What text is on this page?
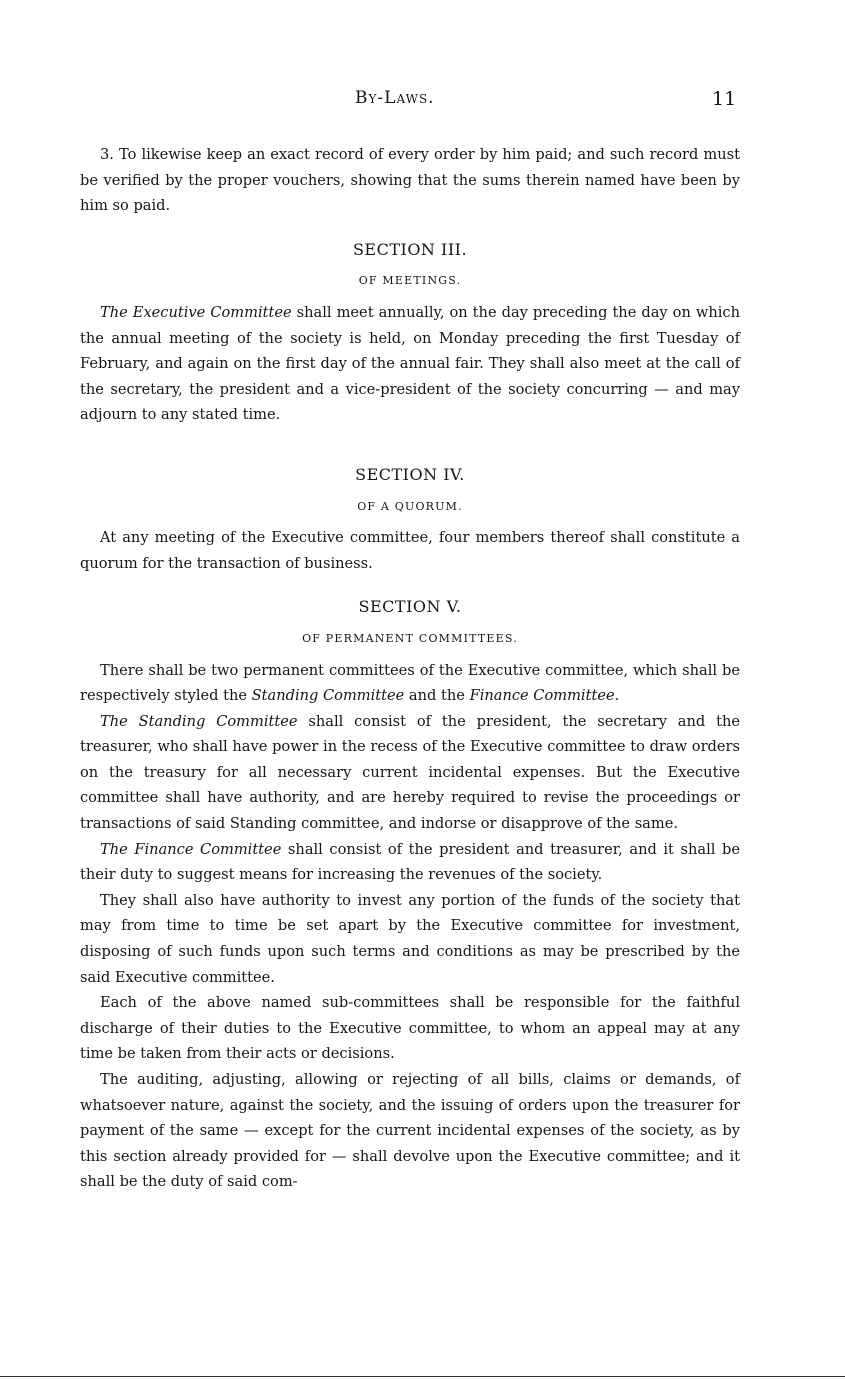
By-Laws.	11

3. To likewise keep an exact record of every order by him paid; and such record must be verified by the proper vouchers, showing that the sums therein named have been by him so paid.

SECTION III.
OF MEETINGS.

The Executive Committee shall meet annually, on the day preceding the day on which the annual meeting of the society is held, on Monday preceding the first Tuesday of February, and again on the first day of the annual fair. They shall also meet at the call of the secretary, the president and a vice-president of the society concurring — and may adjourn to any stated time.

SECTION IV.
OF A QUORUM.

At any meeting of the Executive committee, four members thereof shall constitute a quorum for the transaction of business.

SECTION V.
OF PERMANENT COMMITTEES.

There shall be two permanent committees of the Executive committee, which shall be respectively styled the Standing Committee and the Finance Committee.

The Standing Committee shall consist of the president, the secretary and the treasurer, who shall have power in the recess of the Executive committee to draw orders on the treasury for all necessary current incidental expenses. But the Executive committee shall have authority, and are hereby required to revise the proceedings or transactions of said Standing committee, and indorse or disapprove of the same.

The Finance Committee shall consist of the president and treasurer, and it shall be their duty to suggest means for increasing the revenues of the society.

They shall also have authority to invest any portion of the funds of the society that may from time to time be set apart by the Executive committee for investment, disposing of such funds upon such terms and conditions as may be prescribed by the said Executive committee.

Each of the above named sub-committees shall be responsible for the faithful discharge of their duties to the Executive committee, to whom an appeal may at any time be taken from their acts or decisions.

The auditing, adjusting, allowing or rejecting of all bills, claims or demands, of whatsoever nature, against the society, and the issuing of orders upon the treasurer for payment of the same — except for the current incidental expenses of the society, as by this section already provided for — shall devolve upon the Executive committee; and it shall be the duty of said com-
